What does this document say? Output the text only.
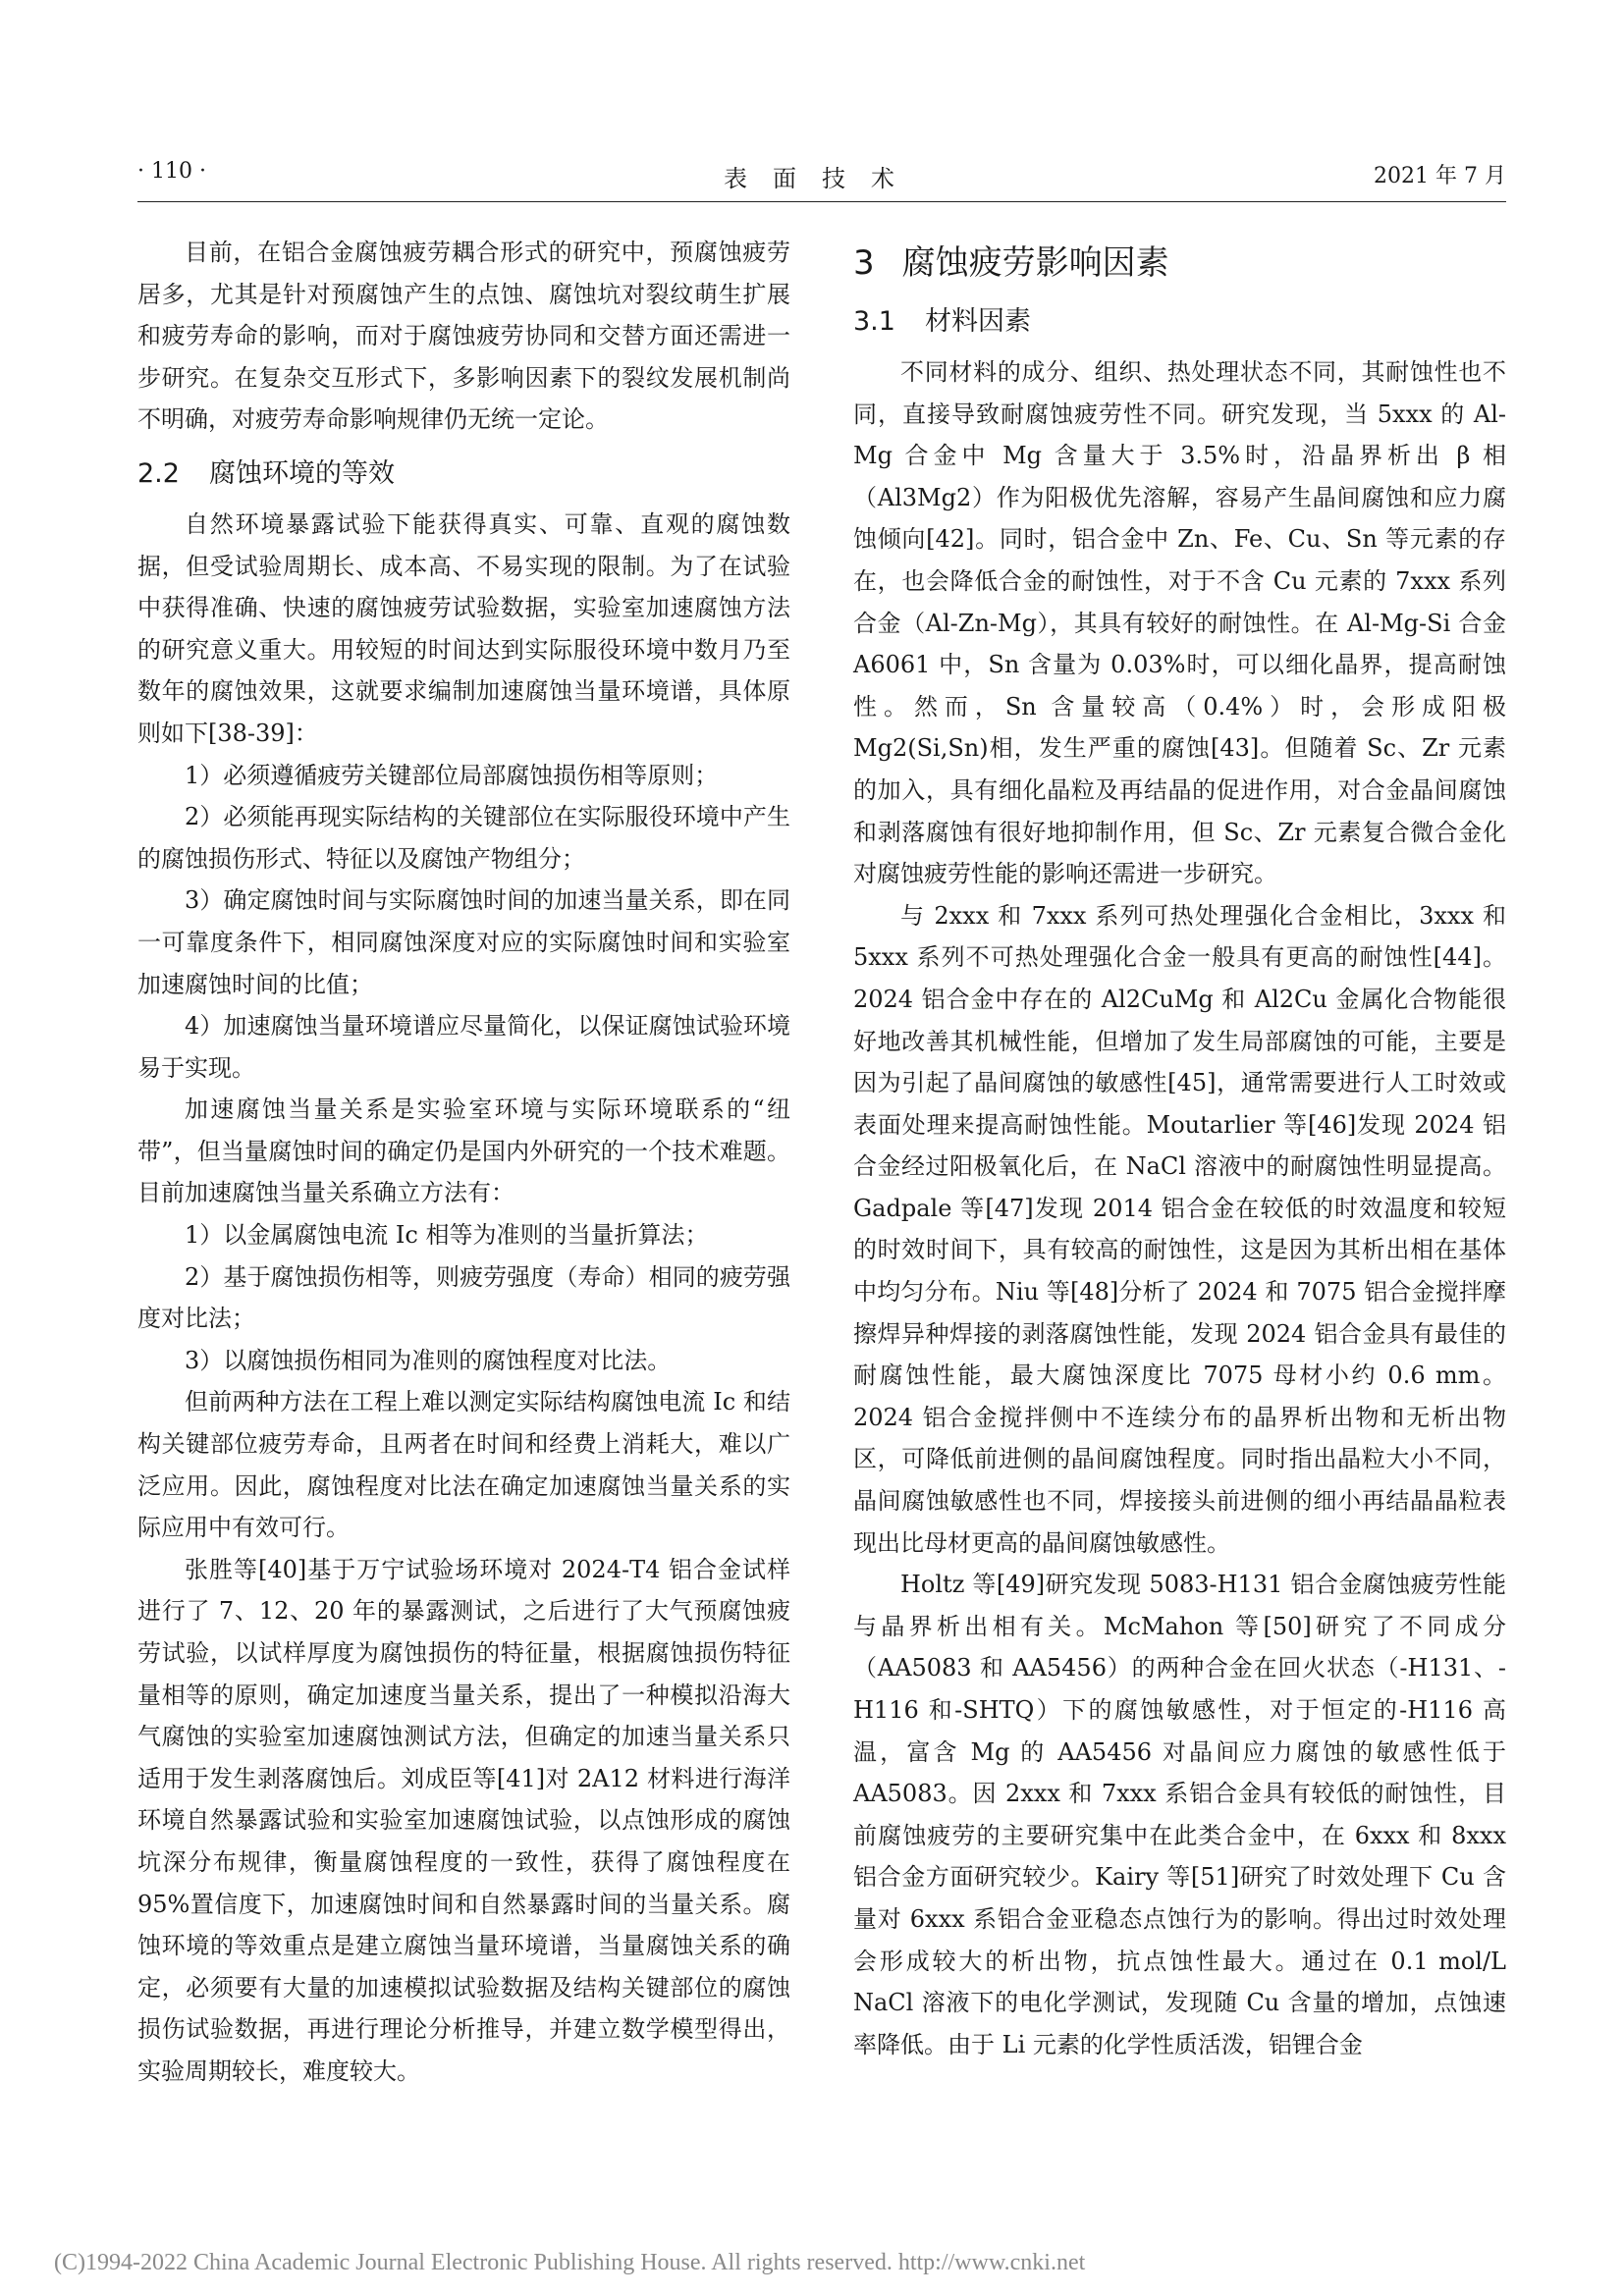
· 110 ·	表面技术	2021 年 7 月

目前，在铝合金腐蚀疲劳耦合形式的研究中，预腐蚀疲劳居多，尤其是针对预腐蚀产生的点蚀、腐蚀坑对裂纹萌生扩展和疲劳寿命的影响，而对于腐蚀疲劳协同和交替方面还需进一步研究。在复杂交互形式下，多影响因素下的裂纹发展机制尚不明确，对疲劳寿命影响规律仍无统一定论。

2.2 腐蚀环境的等效

自然环境暴露试验下能获得真实、可靠、直观的腐蚀数据，但受试验周期长、成本高、不易实现的限制。为了在试验中获得准确、快速的腐蚀疲劳试验数据，实验室加速腐蚀方法的研究意义重大。用较短的时间达到实际服役环境中数月乃至数年的腐蚀效果，这就要求编制加速腐蚀当量环境谱，具体原则如下[38-39]：

1）必须遵循疲劳关键部位局部腐蚀损伤相等原则；

2）必须能再现实际结构的关键部位在实际服役环境中产生的腐蚀损伤形式、特征以及腐蚀产物组分；

3）确定腐蚀时间与实际腐蚀时间的加速当量关系，即在同一可靠度条件下，相同腐蚀深度对应的实际腐蚀时间和实验室加速腐蚀时间的比值；

4）加速腐蚀当量环境谱应尽量简化，以保证腐蚀试验环境易于实现。

加速腐蚀当量关系是实验室环境与实际环境联系的“纽带”，但当量腐蚀时间的确定仍是国内外研究的一个技术难题。目前加速腐蚀当量关系确立方法有：

1）以金属腐蚀电流 Ic 相等为准则的当量折算法；

2）基于腐蚀损伤相等，则疲劳强度（寿命）相同的疲劳强度对比法；

3）以腐蚀损伤相同为准则的腐蚀程度对比法。

但前两种方法在工程上难以测定实际结构腐蚀电流 Ic 和结构关键部位疲劳寿命，且两者在时间和经费上消耗大，难以广泛应用。因此，腐蚀程度对比法在确定加速腐蚀当量关系的实际应用中有效可行。

张胜等[40]基于万宁试验场环境对 2024-T4 铝合金试样进行了 7、12、20 年的暴露测试，之后进行了大气预腐蚀疲劳试验，以试样厚度为腐蚀损伤的特征量，根据腐蚀损伤特征量相等的原则，确定加速度当量关系，提出了一种模拟沿海大气腐蚀的实验室加速腐蚀测试方法，但确定的加速当量关系只适用于发生剥落腐蚀后。刘成臣等[41]对 2A12 材料进行海洋环境自然暴露试验和实验室加速腐蚀试验，以点蚀形成的腐蚀坑深分布规律，衡量腐蚀程度的一致性，获得了腐蚀程度在 95%置信度下，加速腐蚀时间和自然暴露时间的当量关系。腐蚀环境的等效重点是建立腐蚀当量环境谱，当量腐蚀关系的确定，必须要有大量的加速模拟试验数据及结构关键部位的腐蚀损伤试验数据，再进行理论分析推导，并建立数学模型得出，实验周期较长，难度较大。

3 腐蚀疲劳影响因素
3.1 材料因素

不同材料的成分、组织、热处理状态不同，其耐蚀性也不同，直接导致耐腐蚀疲劳性不同。研究发现，当 5xxx 的 Al-Mg 合金中 Mg 含量大于 3.5%时，沿晶界析出 β 相（Al3Mg2）作为阳极优先溶解，容易产生晶间腐蚀和应力腐蚀倾向[42]。同时，铝合金中 Zn、Fe、Cu、Sn 等元素的存在，也会降低合金的耐蚀性，对于不含 Cu 元素的 7xxx 系列合金（Al-Zn-Mg），其具有较好的耐蚀性。在 Al-Mg-Si 合金 A6061 中，Sn 含量为 0.03%时，可以细化晶界，提高耐蚀性。然而，Sn 含量较高（0.4%）时，会形成阳极 Mg2(Si,Sn)相，发生严重的腐蚀[43]。但随着 Sc、Zr 元素的加入，具有细化晶粒及再结晶的促进作用，对合金晶间腐蚀和剥落腐蚀有很好地抑制作用，但 Sc、Zr 元素复合微合金化对腐蚀疲劳性能的影响还需进一步研究。

与 2xxx 和 7xxx 系列可热处理强化合金相比，3xxx 和 5xxx 系列不可热处理强化合金一般具有更高的耐蚀性[44]。2024 铝合金中存在的 Al2CuMg 和 Al2Cu 金属化合物能很好地改善其机械性能，但增加了发生局部腐蚀的可能，主要是因为引起了晶间腐蚀的敏感性[45]，通常需要进行人工时效或表面处理来提高耐蚀性能。Moutarlier 等[46]发现 2024 铝合金经过阳极氧化后，在 NaCl 溶液中的耐腐蚀性明显提高。Gadpale 等[47]发现 2014 铝合金在较低的时效温度和较短的时效时间下，具有较高的耐蚀性，这是因为其析出相在基体中均匀分布。Niu 等[48]分析了 2024 和 7075 铝合金搅拌摩擦焊异种焊接的剥落腐蚀性能，发现 2024 铝合金具有最佳的耐腐蚀性能，最大腐蚀深度比 7075 母材小约 0.6 mm。2024 铝合金搅拌侧中不连续分布的晶界析出物和无析出物区，可降低前进侧的晶间腐蚀程度。同时指出晶粒大小不同，晶间腐蚀敏感性也不同，焊接接头前进侧的细小再结晶晶粒表现出比母材更高的晶间腐蚀敏感性。

Holtz 等[49]研究发现 5083-H131 铝合金腐蚀疲劳性能与晶界析出相有关。McMahon 等[50]研究了不同成分（AA5083 和 AA5456）的两种合金在回火状态（-H131、-H116 和-SHTQ）下的腐蚀敏感性，对于恒定的-H116 高温，富含 Mg 的 AA5456 对晶间应力腐蚀的敏感性低于 AA5083。因 2xxx 和 7xxx 系铝合金具有较低的耐蚀性，目前腐蚀疲劳的主要研究集中在此类合金中，在 6xxx 和 8xxx 铝合金方面研究较少。Kairy 等[51]研究了时效处理下 Cu 含量对 6xxx 系铝合金亚稳态点蚀行为的影响。得出过时效处理会形成较大的析出物，抗点蚀性最大。通过在 0.1 mol/L NaCl 溶液下的电化学测试，发现随 Cu 含量的增加，点蚀速率降低。由于 Li 元素的化学性质活泼，铝锂合金

(C)1994-2022 China Academic Journal Electronic Publishing House. All rights reserved. http://www.cnki.net
